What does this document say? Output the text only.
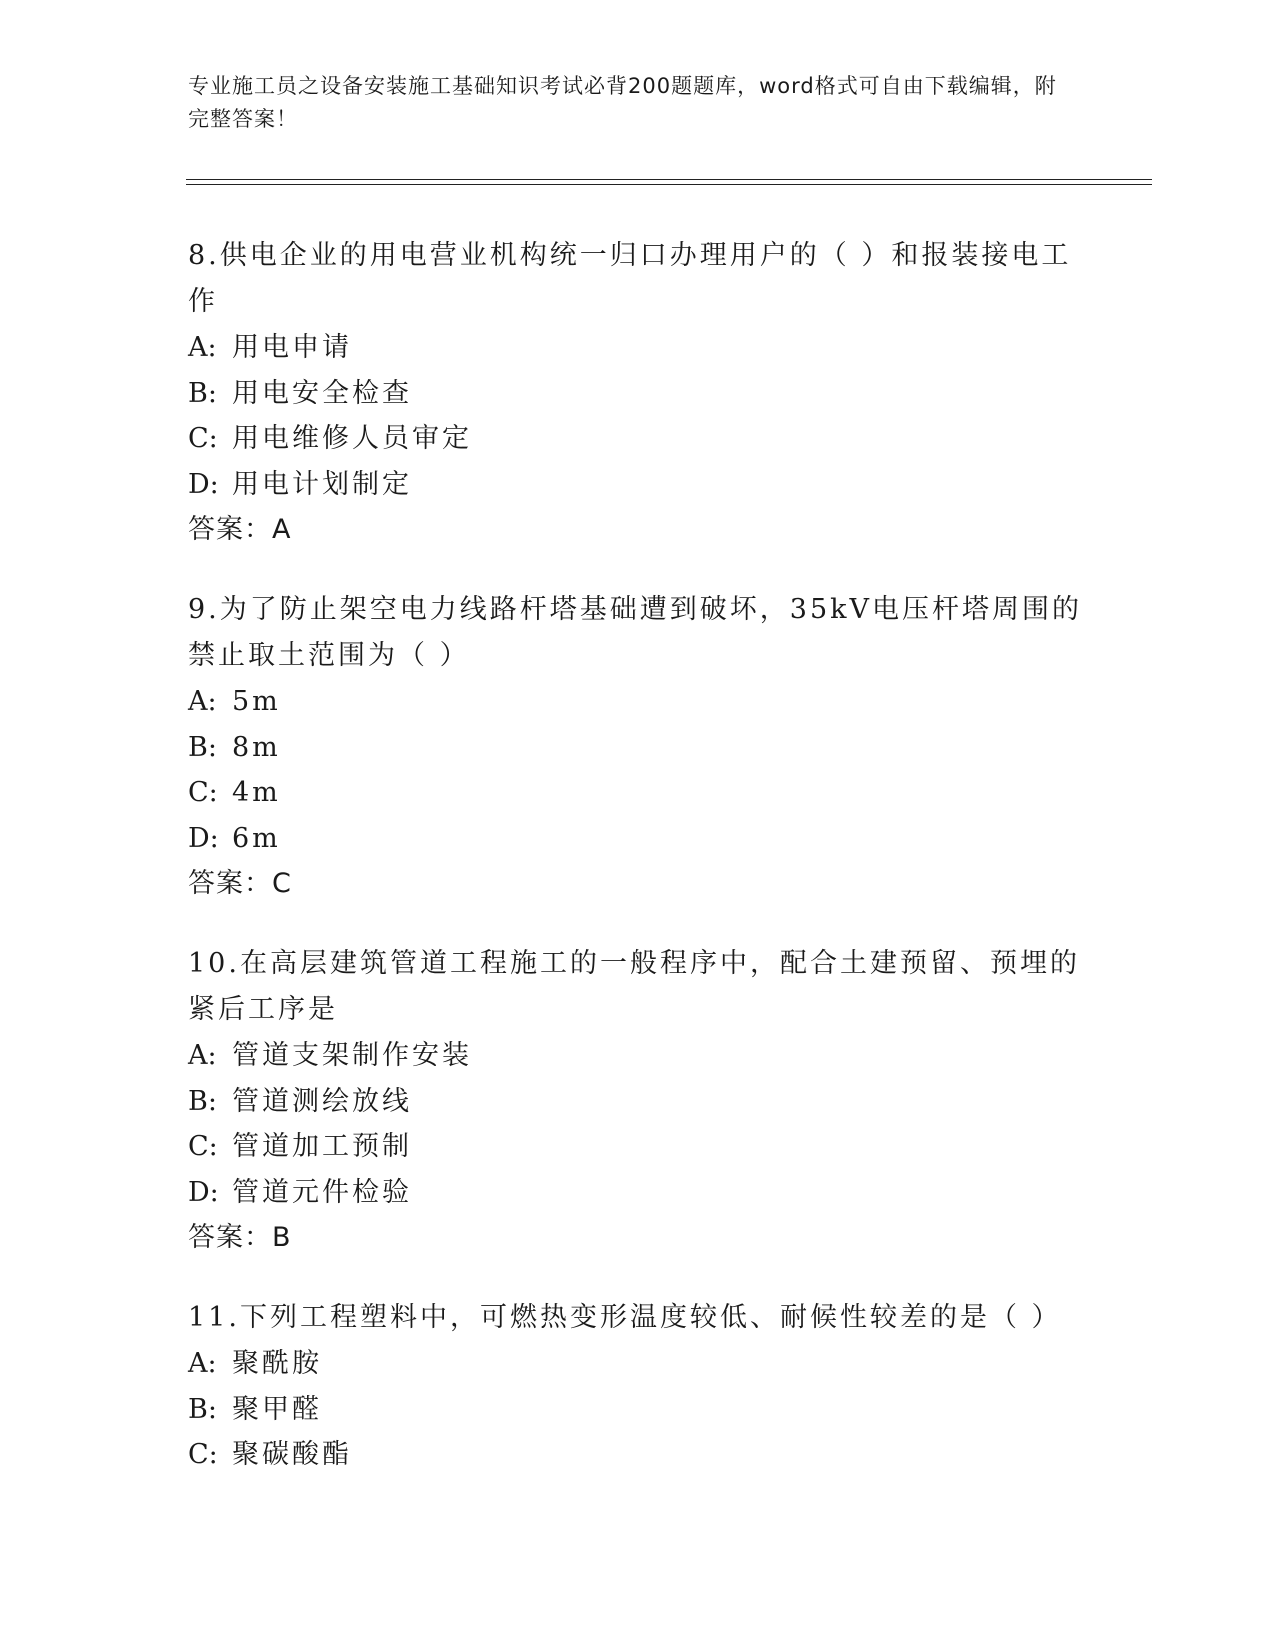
专业施工员之设备安装施工基础知识考试必背200题题库，word格式可自由下载编辑，附完整答案！

8.供电企业的用电营业机构统一归口办理用户的（ ）和报装接电工作

A: 用电申请

B: 用电安全检查

C: 用电维修人员审定

D: 用电计划制定

答案：A

9.为了防止架空电力线路杆塔基础遭到破坏，35kV电压杆塔周围的禁止取土范围为（ ）

A: 5m

B: 8m

C: 4m

D: 6m

答案：C

10.在高层建筑管道工程施工的一般程序中，配合土建预留、预埋的紧后工序是

A: 管道支架制作安装

B: 管道测绘放线

C: 管道加工预制

D: 管道元件检验

答案：B

11.下列工程塑料中，可燃热变形温度较低、耐候性较差的是（ ）

A: 聚酰胺

B: 聚甲醛

C: 聚碳酸酯
